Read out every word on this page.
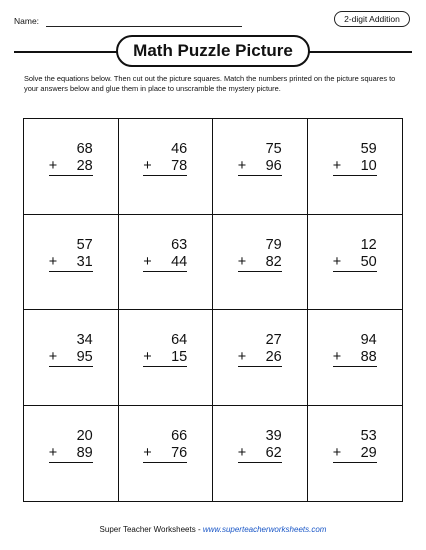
Name:	2-digit Addition
Math Puzzle Picture
Solve the equations below. Then cut out the picture squares. Match the numbers printed on the picture squares to your answers below and glue them in place to unscramble the mystery picture.
68
+ 28
46
+ 78
75
+ 96
59
+ 10
57
+ 31
63
+ 44
79
+ 82
12
+ 50
34
+ 95
64
+ 15
27
+ 26
94
+ 88
20
+ 89
66
+ 76
39
+ 62
53
+ 29
Super Teacher Worksheets - www.superteacherworksheets.com
